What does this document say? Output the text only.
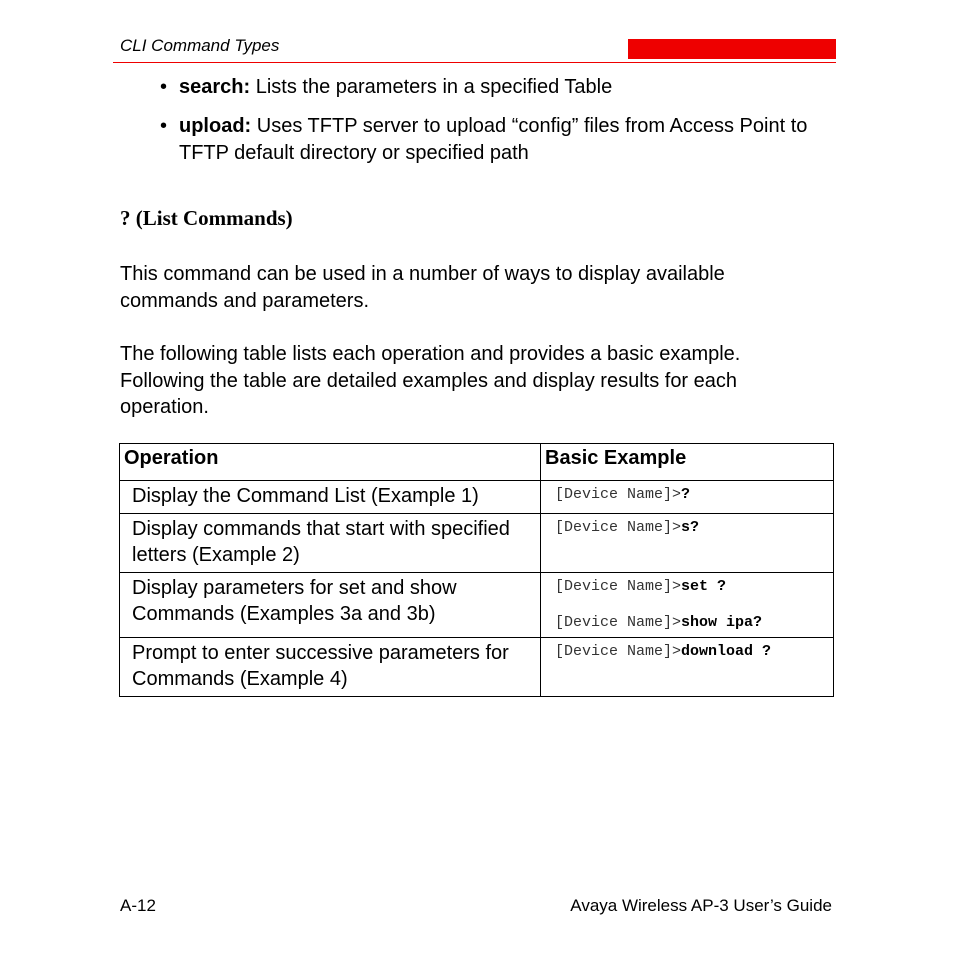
CLI Command Types
• search: Lists the parameters in a specified Table
• upload: Uses TFTP server to upload “config” files from Access Point to TFTP default directory or specified path
? (List Commands)
This command can be used in a number of ways to display available commands and parameters.
The following table lists each operation and provides a basic example. Following the table are detailed examples and display results for each operation.
Operation	Basic Example
Display the Command List (Example 1)	[Device Name]>?

Display commands that start with specified letters (Example 2)	[Device Name]>s?

Display parameters for set and show Commands (Examples 3a and 3b)	[Device Name]>set ?
[Device Name]>show ipa?

Prompt to enter successive parameters for Commands (Example 4)	[Device Name]>download ?
A-12	Avaya Wireless AP-3 User’s Guide
